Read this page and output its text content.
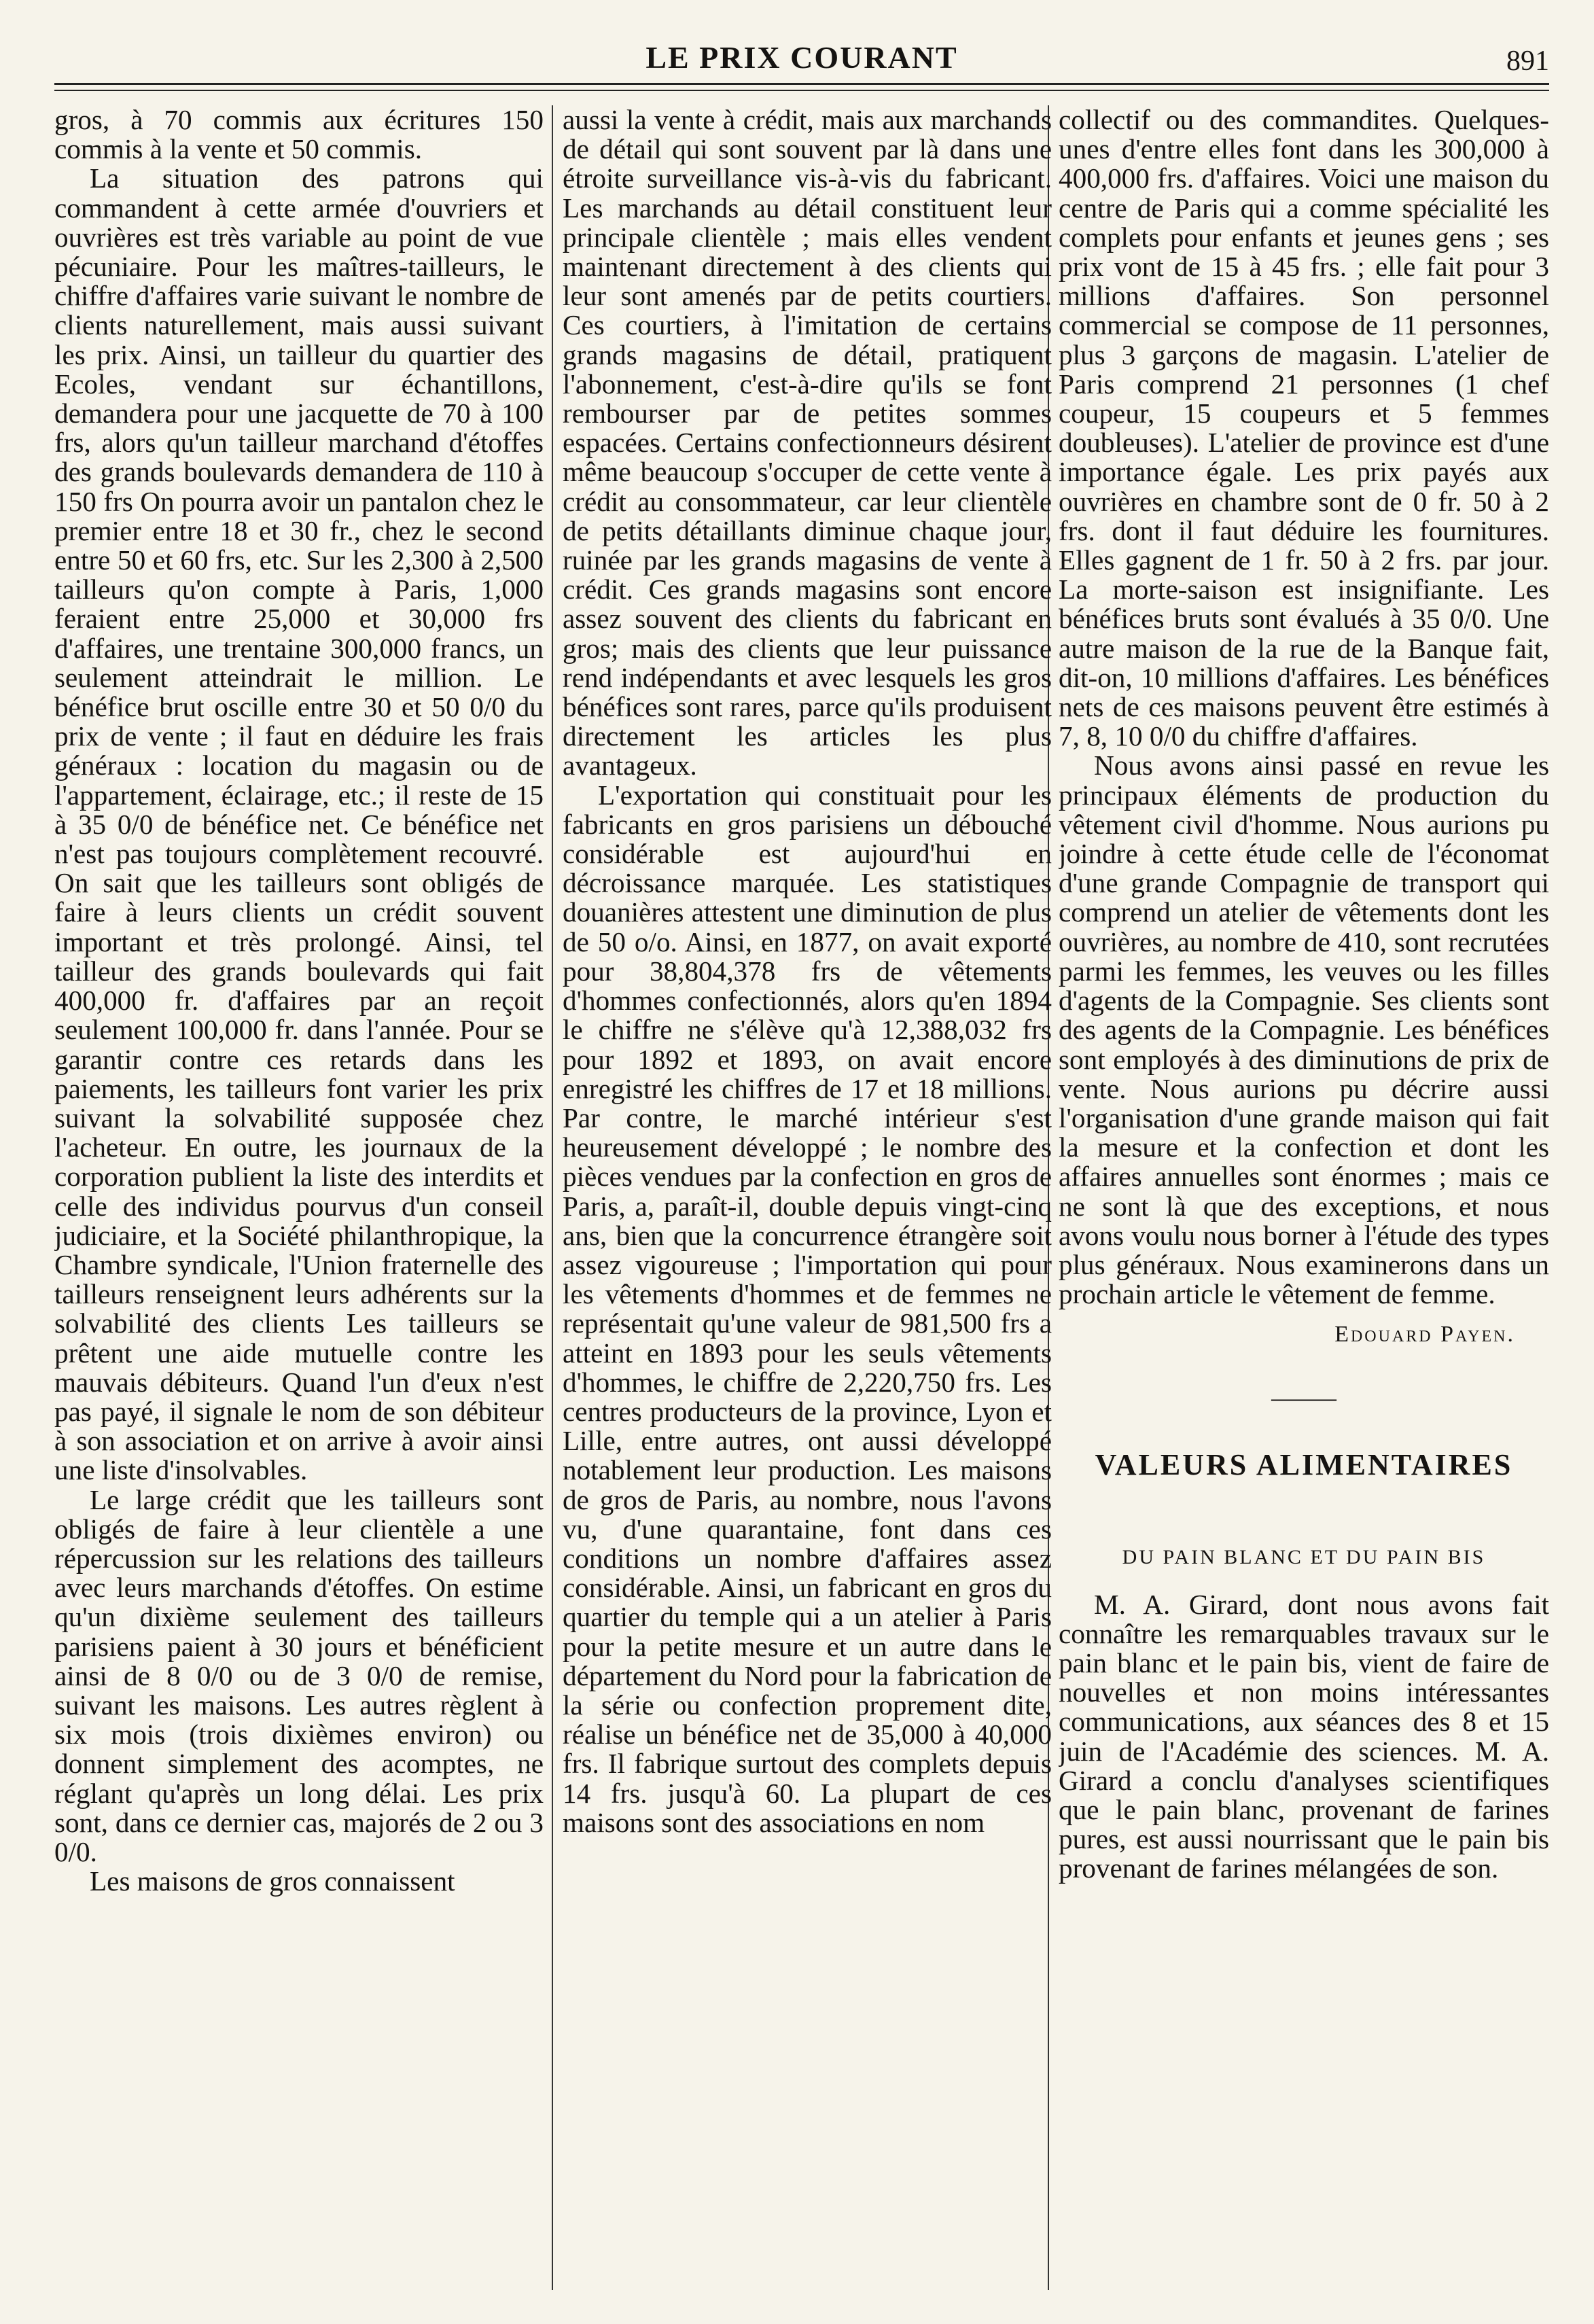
LE PRIX COURANT	891

gros, à 70 commis aux écritures 150 commis à la vente et 50 commis.

La situation des patrons qui commandent à cette armée d'ouvriers et ouvrières est très variable au point de vue pécuniaire. Pour les maîtres-tailleurs, le chiffre d'affaires varie suivant le nombre de clients naturellement, mais aussi suivant les prix. Ainsi, un tailleur du quartier des Ecoles, vendant sur échantillons, demandera pour une jacquette de 70 à 100 frs, alors qu'un tailleur marchand d'étoffes des grands boulevards demandera de 110 à 150 frs On pourra avoir un pantalon chez le premier entre 18 et 30 fr., chez le second entre 50 et 60 frs, etc. Sur les 2,300 à 2,500 tailleurs qu'on compte à Paris, 1,000 feraient entre 25,000 et 30,000 frs d'affaires, une trentaine 300,000 francs, un seulement atteindrait le million. Le bénéfice brut oscille entre 30 et 50 0/0 du prix de vente ; il faut en déduire les frais généraux : location du magasin ou de l'appartement, éclairage, etc.; il reste de 15 à 35 0/0 de bénéfice net. Ce bénéfice net n'est pas toujours complètement recouvré. On sait que les tailleurs sont obligés de faire à leurs clients un crédit souvent important et très prolongé. Ainsi, tel tailleur des grands boulevards qui fait 400,000 fr. d'affaires par an reçoit seulement 100,000 fr. dans l'année. Pour se garantir contre ces retards dans les paiements, les tailleurs font varier les prix suivant la solvabilité supposée chez l'acheteur. En outre, les journaux de la corporation publient la liste des interdits et celle des individus pourvus d'un conseil judiciaire, et la Société philanthropique, la Chambre syndicale, l'Union fraternelle des tailleurs renseignent leurs adhérents sur la solvabilité des clients Les tailleurs se prêtent une aide mutuelle contre les mauvais débiteurs. Quand l'un d'eux n'est pas payé, il signale le nom de son débiteur à son association et on arrive à avoir ainsi une liste d'insolvables.

Le large crédit que les tailleurs sont obligés de faire à leur clientèle a une répercussion sur les relations des tailleurs avec leurs marchands d'étoffes. On estime qu'un dixième seulement des tailleurs parisiens paient à 30 jours et bénéficient ainsi de 8 0/0 ou de 3 0/0 de remise, suivant les maisons. Les autres règlent à six mois (trois dixièmes environ) ou donnent simplement des acomptes, ne réglant qu'après un long délai. Les prix sont, dans ce dernier cas, majorés de 2 ou 3 0/0.

Les maisons de gros connaissent

aussi la vente à crédit, mais aux marchands de détail qui sont souvent par là dans une étroite surveillance vis-à-vis du fabricant. Les marchands au détail constituent leur principale clientèle ; mais elles vendent maintenant directement à des clients qui leur sont amenés par de petits courtiers. Ces courtiers, à l'imitation de certains grands magasins de détail, pratiquent l'abonnement, c'est-à-dire qu'ils se font rembourser par de petites sommes espacées. Certains confectionneurs désirent même beaucoup s'occuper de cette vente à crédit au consommateur, car leur clientèle de petits détaillants diminue chaque jour, ruinée par les grands magasins de vente à crédit. Ces grands magasins sont encore assez souvent des clients du fabricant en gros; mais des clients que leur puissance rend indépendants et avec lesquels les gros bénéfices sont rares, parce qu'ils produisent directement les articles les plus avantageux.

L'exportation qui constituait pour les fabricants en gros parisiens un débouché considérable est aujourd'hui en décroissance marquée. Les statistiques douanières attestent une diminution de plus de 50 o/o. Ainsi, en 1877, on avait exporté pour 38,804,378 frs de vêtements d'hommes confectionnés, alors qu'en 1894 le chiffre ne s'élève qu'à 12,388,032 frs pour 1892 et 1893, on avait encore enregistré les chiffres de 17 et 18 millions. Par contre, le marché intérieur s'est heureusement développé ; le nombre des pièces vendues par la confection en gros de Paris, a, paraît-il, double depuis vingt-cinq ans, bien que la concurrence étrangère soit assez vigoureuse ; l'importation qui pour les vêtements d'hommes et de femmes ne représentait qu'une valeur de 981,500 frs a atteint en 1893 pour les seuls vêtements d'hommes, le chiffre de 2,220,750 frs. Les centres producteurs de la province, Lyon et Lille, entre autres, ont aussi développé notablement leur production. Les maisons de gros de Paris, au nombre, nous l'avons vu, d'une quarantaine, font dans ces conditions un nombre d'affaires assez considérable. Ainsi, un fabricant en gros du quartier du temple qui a un atelier à Paris pour la petite mesure et un autre dans le département du Nord pour la fabrication de la série ou confection proprement dite, réalise un bénéfice net de 35,000 à 40,000 frs. Il fabrique surtout des complets depuis 14 frs. jusqu'à 60. La plupart de ces maisons sont des associations en nom

collectif ou des commandites. Quelques-unes d'entre elles font dans les 300,000 à 400,000 frs. d'affaires. Voici une maison du centre de Paris qui a comme spécialité les complets pour enfants et jeunes gens ; ses prix vont de 15 à 45 frs. ; elle fait pour 3 millions d'affaires. Son personnel commercial se compose de 11 personnes, plus 3 garçons de magasin. L'atelier de Paris comprend 21 personnes (1 chef coupeur, 15 coupeurs et 5 femmes doubleuses). L'atelier de province est d'une importance égale. Les prix payés aux ouvrières en chambre sont de 0 fr. 50 à 2 frs. dont il faut déduire les fournitures. Elles gagnent de 1 fr. 50 à 2 frs. par jour. La morte-saison est insignifiante. Les bénéfices bruts sont évalués à 35 0/0. Une autre maison de la rue de la Banque fait, dit-on, 10 millions d'affaires. Les bénéfices nets de ces maisons peuvent être estimés à 7, 8, 10 0/0 du chiffre d'affaires.

Nous avons ainsi passé en revue les principaux éléments de production du vêtement civil d'homme. Nous aurions pu joindre à cette étude celle de l'économat d'une grande Compagnie de transport qui comprend un atelier de vêtements dont les ouvrières, au nombre de 410, sont recrutées parmi les femmes, les veuves ou les filles d'agents de la Compagnie. Ses clients sont des agents de la Compagnie. Les bénéfices sont employés à des diminutions de prix de vente. Nous aurions pu décrire aussi l'organisation d'une grande maison qui fait la mesure et la confection et dont les affaires annuelles sont énormes ; mais ce ne sont là que des exceptions, et nous avons voulu nous borner à l'étude des types plus généraux. Nous examinerons dans un prochain article le vêtement de femme.

Edouard Payen.
⸻
VALEURS ALIMENTAIRES
DU PAIN BLANC ET DU PAIN BIS

M. A. Girard, dont nous avons fait connaître les remarquables travaux sur le pain blanc et le pain bis, vient de faire de nouvelles et non moins intéressantes communications, aux séances des 8 et 15 juin de l'Académie des sciences. M. A. Girard a conclu d'analyses scientifiques que le pain blanc, provenant de farines pures, est aussi nourrissant que le pain bis provenant de farines mélangées de son.
